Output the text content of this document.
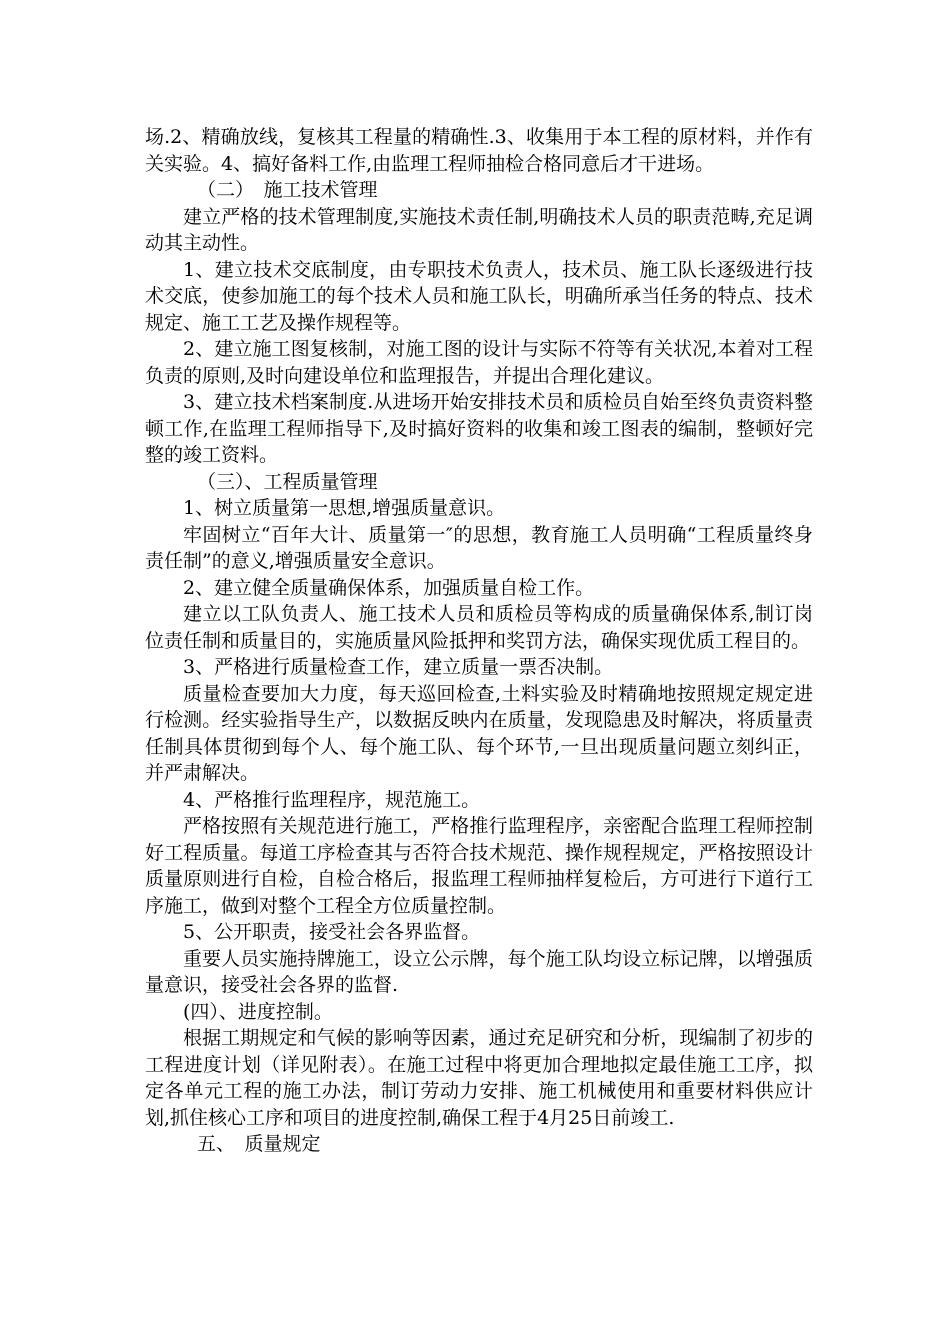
场.2、精确放线，复核其工程量的精确性.3、收集用于本工程的原材料，并作有关实验。4、搞好备料工作,由监理工程师抽检合格同意后才干进场。

（二）　施工技术管理

建立严格的技术管理制度,实施技术责任制,明确技术人员的职责范畴,充足调动其主动性。

1、建立技术交底制度，由专职技术负责人，技术员、施工队长逐级进行技术交底，使参加施工的每个技术人员和施工队长，明确所承当任务的特点、技术规定、施工工艺及操作规程等。

2、建立施工图复核制，对施工图的设计与实际不符等有关状况,本着对工程负责的原则,及时向建设单位和监理报告，并提出合理化建议。

3、建立技术档案制度.从进场开始安排技术员和质检员自始至终负责资料整顿工作,在监理工程师指导下,及时搞好资料的收集和竣工图表的编制，整顿好完整的竣工资料。

（三）、工程质量管理

1、树立质量第一思想,增强质量意识。

牢固树立“百年大计、质量第一″的思想，教育施工人员明确“工程质量终身责任制”的意义,增强质量安全意识。

2、建立健全质量确保体系，加强质量自检工作。

建立以工队负责人、施工技术人员和质检员等构成的质量确保体系,制订岗位责任制和质量目的，实施质量风险抵押和奖罚方法，确保实现优质工程目的。

3、严格进行质量检查工作，建立质量一票否决制。

质量检查要加大力度，每天巡回检查,土料实验及时精确地按照规定规定进行检测。经实验指导生产，以数据反映内在质量，发现隐患及时解决，将质量责任制具体贯彻到每个人、每个施工队、每个环节,一旦出现质量问题立刻纠正，并严肃解决。

4、严格推行监理程序，规范施工。

严格按照有关规范进行施工，严格推行监理程序，亲密配合监理工程师控制好工程质量。每道工序检查其与否符合技术规范、操作规程规定，严格按照设计质量原则进行自检，自检合格后，报监理工程师抽样复检后，方可进行下道行工序施工，做到对整个工程全方位质量控制。

5、公开职责，接受社会各界监督。

重要人员实施持牌施工，设立公示牌，每个施工队均设立标记牌，以增强质量意识，接受社会各界的监督.

(四）、进度控制。

根据工期规定和气候的影响等因素，通过充足研究和分析，现编制了初步的工程进度计划（详见附表）。在施工过程中将更加合理地拟定最佳施工工序，拟定各单元工程的施工办法，制订劳动力安排、施工机械使用和重要材料供应计划,抓住核心工序和项目的进度控制,确保工程于4月25日前竣工.

五、　质量规定
